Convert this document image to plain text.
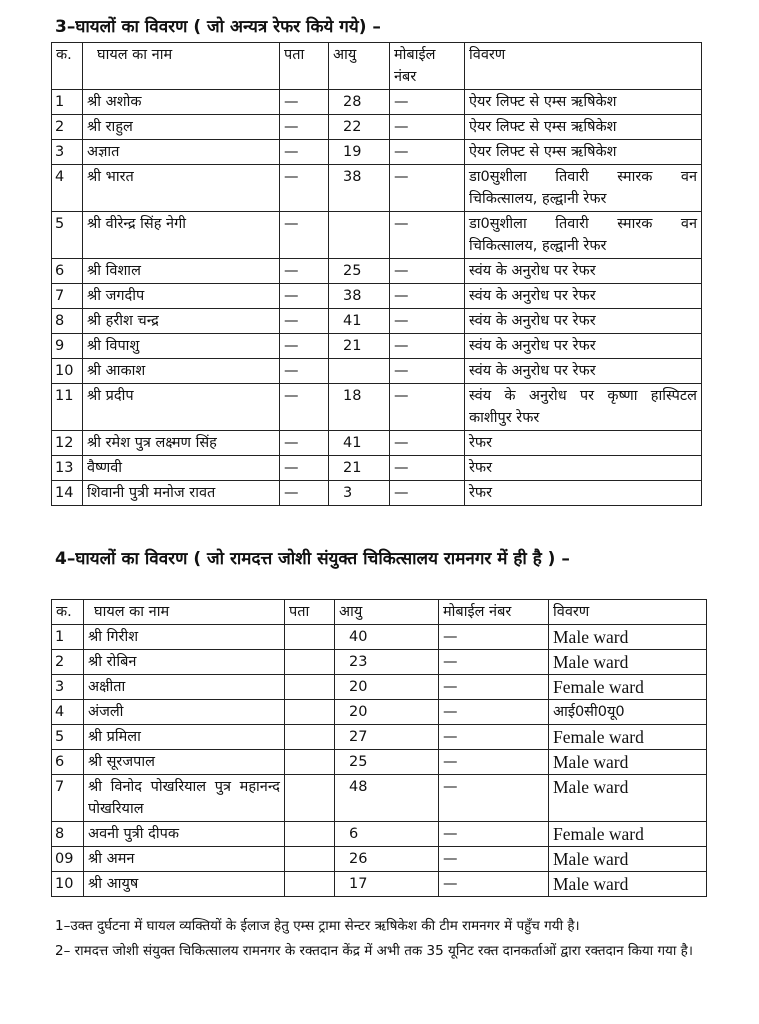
3–घायलों का विवरण ( जो अन्यत्र रेफर किये गये) –
क.	घायल का नाम	पता	आयु	मोबाईल नंबर	विवरण
1	श्री अशोक	—	28	—	ऐयर लिफ्ट से एम्स ऋषिकेश
2	श्री राहुल	—	22	—	ऐयर लिफ्ट से एम्स ऋषिकेश
3	अज्ञात	—	19	—	ऐयर लिफ्ट से एम्स ऋषिकेश
4	श्री भारत	—	38	—	डा0सुशीला तिवारी स्मारक वन चिकित्सालय, हल्द्वानी रेफर
5	श्री वीरेन्द्र सिंह नेगी	—		—	डा0सुशीला तिवारी स्मारक वन चिकित्सालय, हल्द्वानी रेफर
6	श्री विशाल	—	25	—	स्वंय के अनुरोध पर रेफर
7	श्री जगदीप	—	38	—	स्वंय के अनुरोध पर रेफर
8	श्री हरीश चन्द्र	—	41	—	स्वंय के अनुरोध पर रेफर
9	श्री विपाशु	—	21	—	स्वंय के अनुरोध पर रेफर
10	श्री आकाश	—		—	स्वंय के अनुरोध पर रेफर
11	श्री प्रदीप	—	18	—	स्वंय के अनुरोध पर कृष्णा हास्पिटल काशीपुर रेफर
12	श्री रमेश पुत्र लक्ष्मण सिंह	—	41	—	रेफर
13	वैष्णवी	—	21	—	रेफर
14	शिवानी पुत्री मनोज रावत	—	3	—	रेफर
4–घायलों का विवरण ( जो रामदत्त जोशी संयुक्त चिकित्सालय रामनगर में ही है ) –
क.	घायल का नाम	पता	आयु	मोबाईल नंबर	विवरण
1	श्री गिरीश		40	—	Male ward
2	श्री रोबिन		23	—	Male ward
3	अक्षीता		20	—	Female ward
4	अंजली		20	—	आई0सी0यू0
5	श्री प्रमिला		27	—	Female ward
6	श्री सूरजपाल		25	—	Male ward
7	श्री विनोद पोखरियाल पुत्र महानन्द पोखरियाल		48	—	Male ward
8	अवनी पुत्री दीपक		6	—	Female ward
09	श्री अमन		26	—	Male ward
10	श्री आयुष		17	—	Male ward

1–उक्त दुर्घटना में घायल व्यक्तियों के ईलाज हेतु एम्स ट्रामा सेन्टर ऋषिकेश की टीम रामनगर में पहुँच गयी है।

2– रामदत्त जोशी संयुक्त चिकित्सालय रामनगर के रक्तदान केंद्र में अभी तक 35 यूनिट रक्त दानकर्ताओं द्वारा रक्तदान किया गया है।
